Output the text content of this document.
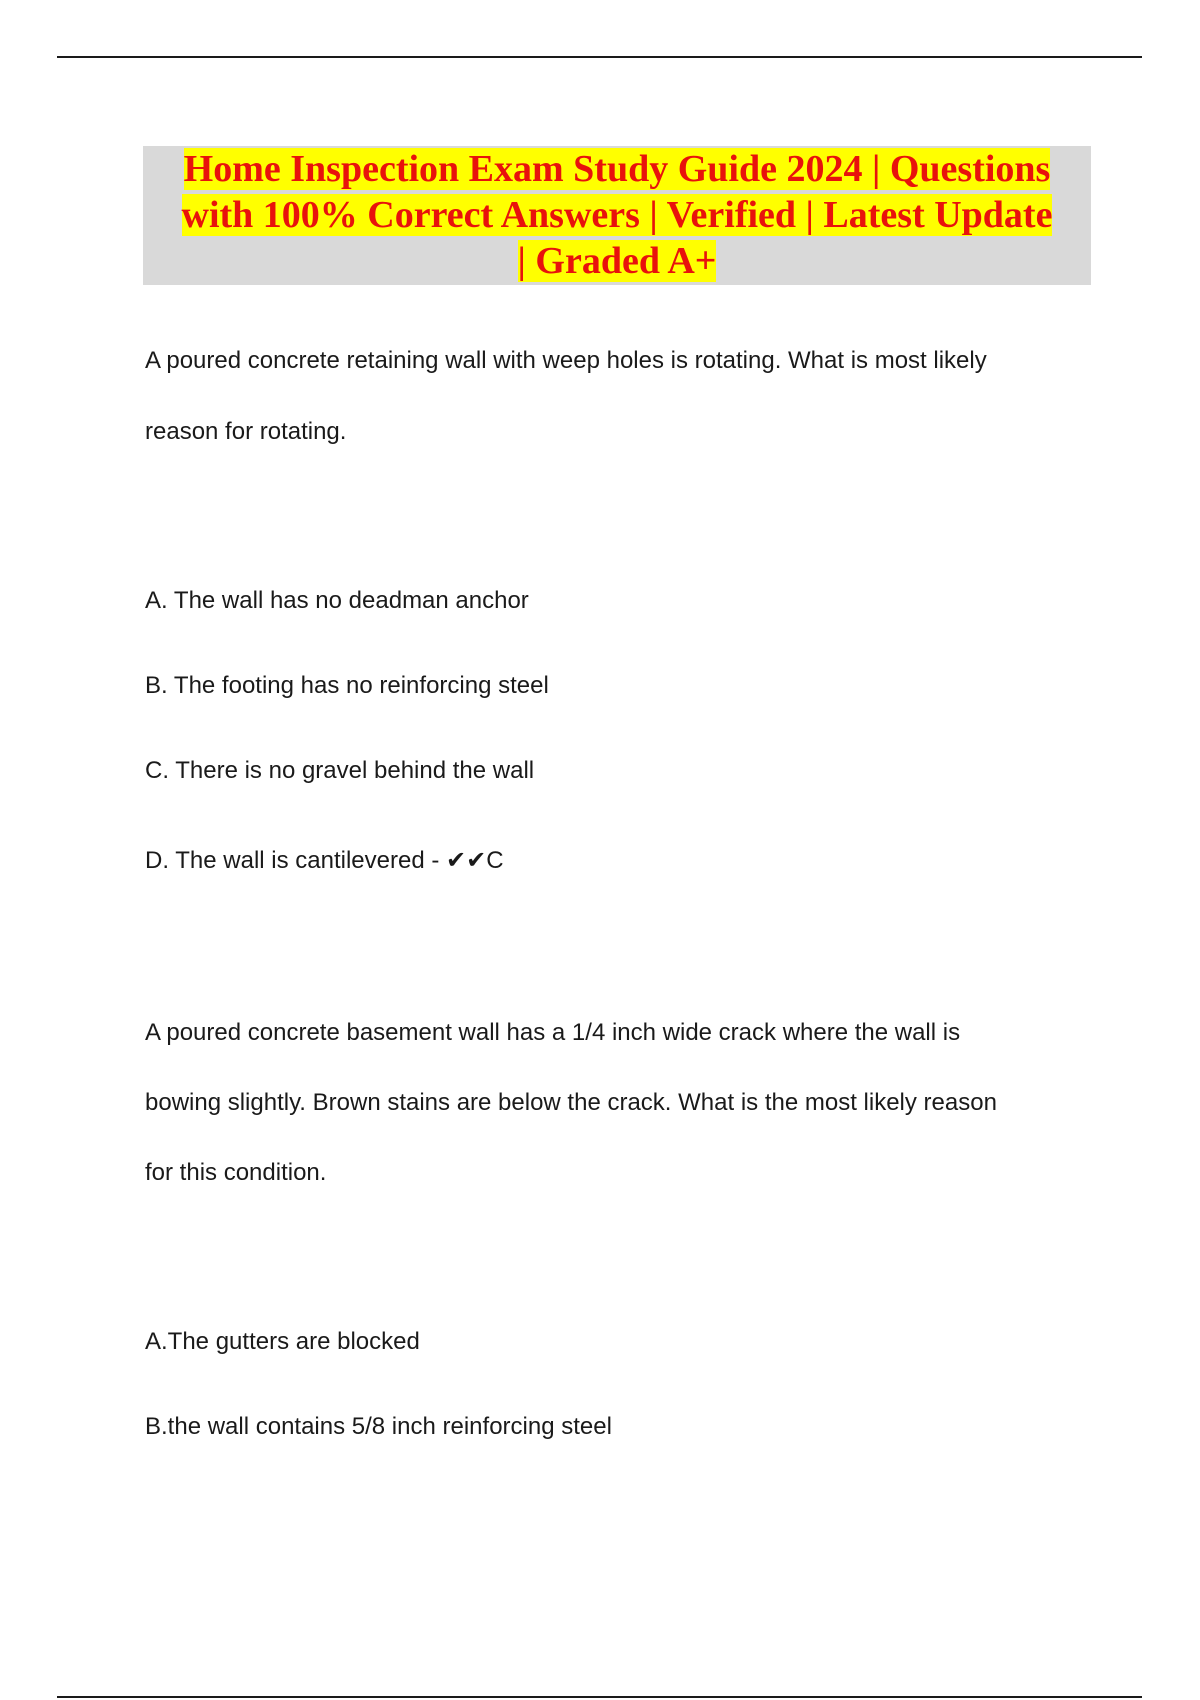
Home Inspection Exam Study Guide 2024 | Questions
with 100% Correct Answers | Verified | Latest Update
| Graded A+

A poured concrete retaining wall with weep holes is rotating. What is most likely

reason for rotating.

A. The wall has no deadman anchor

B. The footing has no reinforcing steel

C. There is no gravel behind the wall

D. The wall is cantilevered - ✔✔C

A poured concrete basement wall has a 1/4 inch wide crack where the wall is

bowing slightly. Brown stains are below the crack. What is the most likely reason

for this condition.

A.The gutters are blocked

B.the wall contains 5/8 inch reinforcing steel
